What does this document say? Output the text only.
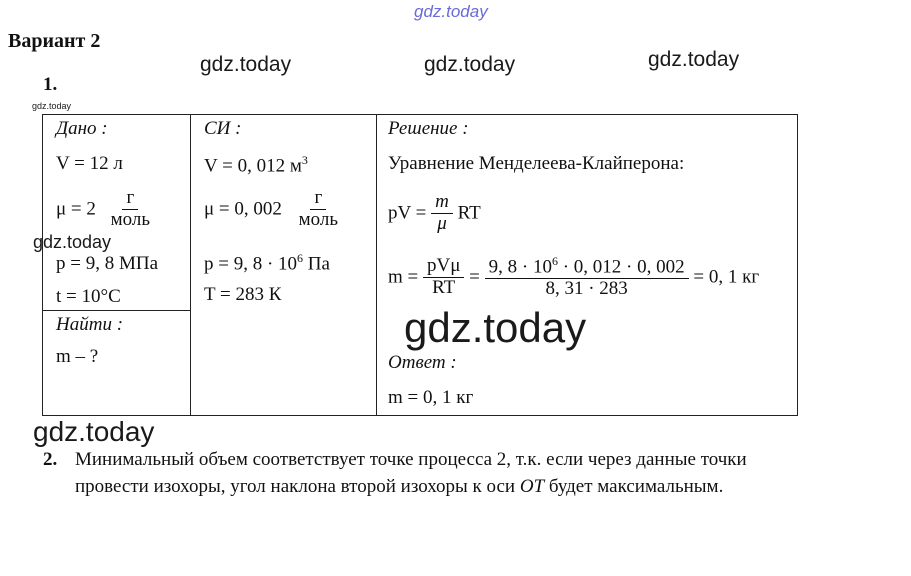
gdz.today
gdz.today	gdz.today	gdz.today
gdz.today
Вариант 2
1.
Дано :
V = 12 л
$\mu = 2 \frac{г}{\text{моль}}$
p = 9, 8 МПа
t = 10°С
Найти :
m – ?
СИ :
V = 0, 012 $м^3$
μ = 0, $002 \frac{г}{\text{моль}}$
p = 9, $8 \cdot 10^6$ Па
T = 283 К
Решение :
Уравнение Менделеева-Клайперона:
pV = $\frac{m}{\mu}$ RT
$m = \frac{\text{pVμ}}{RT} = \frac{9, 8 \cdot 10^6 \cdot 0, 012 \cdot 0, 002}{8, 31 \cdot 283} = 0$, 1 кг
Ответ :
m = 0, 1 кг
gdz.today
gdz.today
gdz.today
2. Минимальный объем соответствует точке процесса 2, т.к. если через данные точки
провести изохоры, угол наклона второй изохоры к оси OT будет максимальным.
